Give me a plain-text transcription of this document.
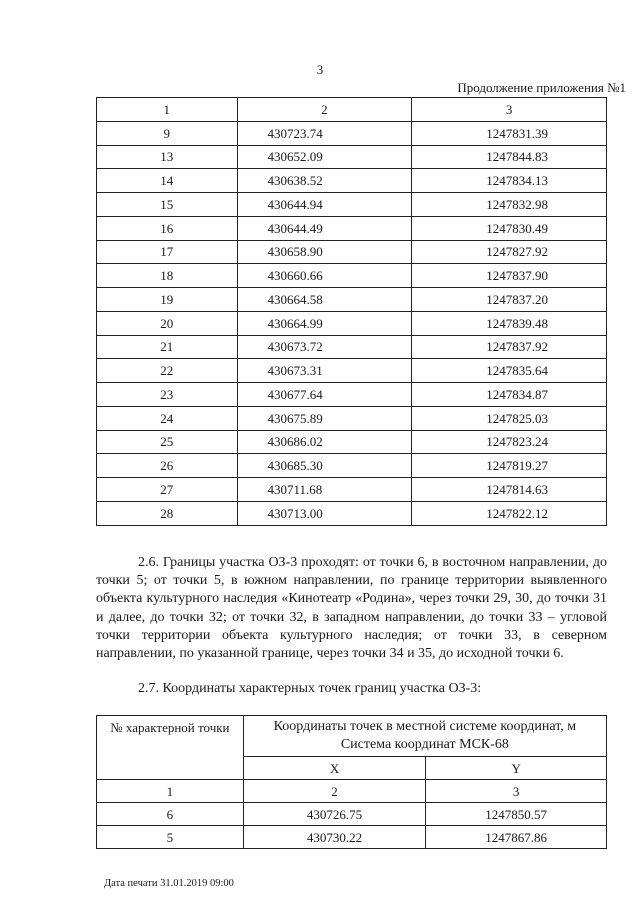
3
Продолжение приложения №1
1	2	3
9	430723.74	1247831.39
13	430652.09	1247844.83
14	430638.52	1247834.13
15	430644.94	1247832.98
16	430644.49	1247830.49
17	430658.90	1247827.92
18	430660.66	1247837.90
19	430664.58	1247837.20
20	430664.99	1247839.48
21	430673.72	1247837.92
22	430673.31	1247835.64
23	430677.64	1247834.87
24	430675.89	1247825.03
25	430686.02	1247823.24
26	430685.30	1247819.27
27	430711.68	1247814.63
28	430713.00	1247822.12

2.6. Границы участка ОЗ-3 проходят: от точки 6, в восточном направлении, до точки 5; от точки 5, в южном направлении, по границе территории выявленного объекта культурного наследия «Кинотеатр «Родина», через точки 29, 30, до точки 31 и далее, до точки 32; от точки 32, в западном направлении, до точки 33 – угловой точки территории объекта культурного наследия; от точки 33, в северном направлении, по указанной границе, через точки 34 и 35, до исходной точки 6.

2.7. Координаты характерных точек границ участка ОЗ-3:

№ характерной точки	Координаты точек в местной системе координат, м
Система координат МСК-68	

	X	Y
1	2	3
6	430726.75	1247850.57
5	430730.22	1247867.86
Дата печати 31.01.2019 09:00
